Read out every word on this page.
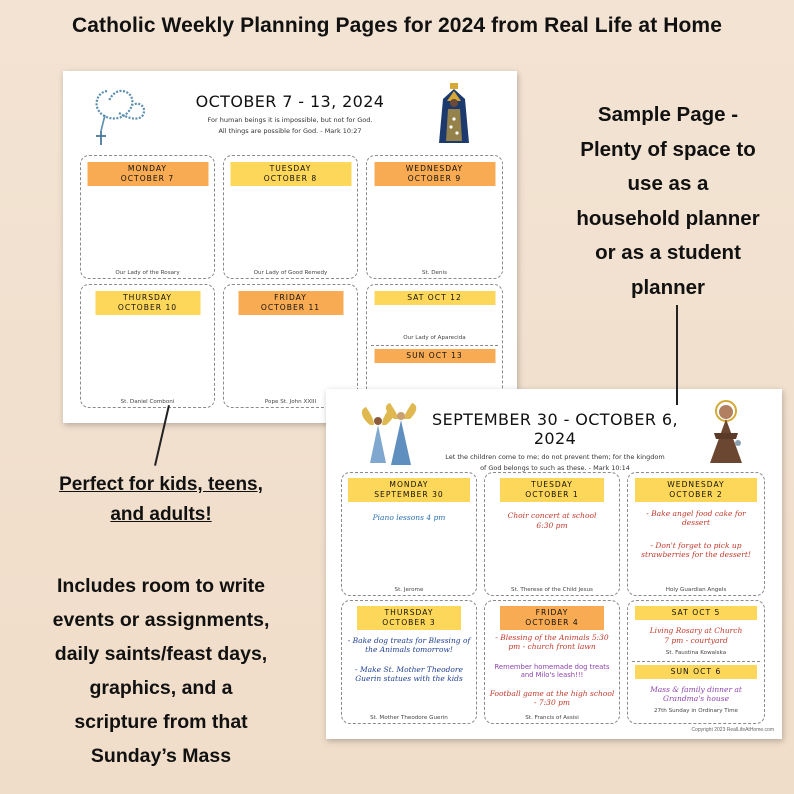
Catholic Weekly Planning Pages for 2024 from Real Life at Home
OCTOBER 7 - 13, 2024
For human beings it is impossible, but not for God.
All things are possible for God. - Mark 10:27
MONDAY
OCTOBER 7
Our Lady of the Rosary
TUESDAY
OCTOBER 8
Our Lady of Good Remedy
WEDNESDAY
OCTOBER 9
St. Denis
THURSDAY
OCTOBER 10
St. Daniel Comboni
FRIDAY
OCTOBER 11
Pope St. John XXIII
SAT OCT 12
Our Lady of Aparecida
SUN OCT 13
SEPTEMBER 30 - OCTOBER 6, 2024
Let the children come to me; do not prevent them; for the kingdom
of God belongs to such as these. - Mark 10:14
MONDAY
SEPTEMBER 30
Piano lessons 4 pm
St. Jerome
TUESDAY
OCTOBER 1
Choir concert at school
6:30 pm
St. Therese of the Child Jesus
WEDNESDAY
OCTOBER 2
- Bake angel food cake for dessert
- Don't forget to pick up strawberries for the dessert!
Holy Guardian Angels
THURSDAY
OCTOBER 3
- Bake dog treats for Blessing of the Animals tomorrow!
- Make St. Mother Theodore Guerin statues with the kids
St. Mother Theodore Guerin
FRIDAY
OCTOBER 4
- Blessing of the Animals 5:30 pm - church front lawn
Remember homemade dog treats and Milo's leash!!!
Football game at the high school - 7:30 pm
St. Francis of Assisi
SAT OCT 5
Living Rosary at Church
7 pm - courtyard
St. Faustina Kowalska
SUN OCT 6
Mass & family dinner at Grandma's house
27th Sunday in Ordinary Time
Copyright 2023 RealLifeAtHome.com
Sample Page -
Plenty of space to
use as a
household planner
or as a student
planner
Perfect for kids, teens,
and adults!
Includes room to write
events or assignments,
daily saints/feast days,
graphics, and a
scripture from that
Sunday’s Mass
